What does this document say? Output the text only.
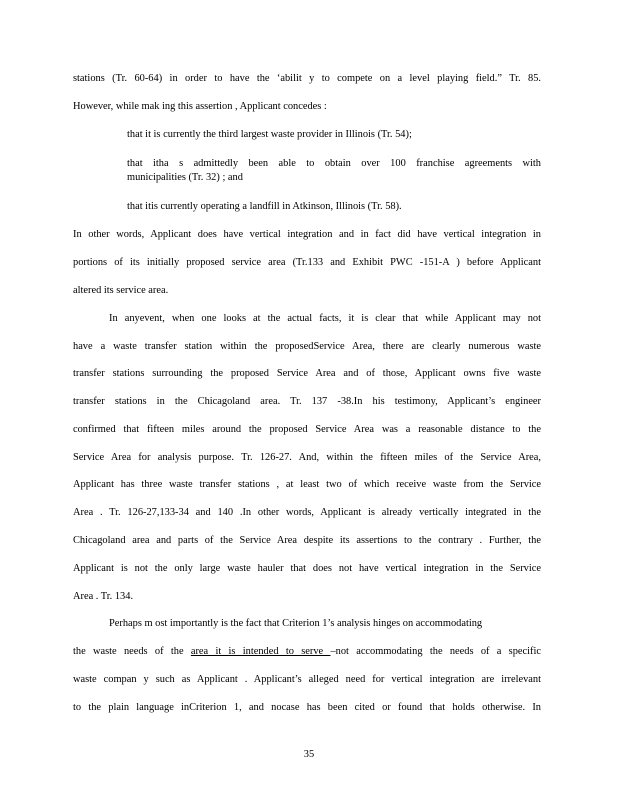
stations (Tr. 60-64) in order to have the ‘abilit y to compete on a level playing field.” Tr. 85.
However, while mak ing this assertion , Applicant concedes :
that it is currently the third largest waste provider in Illinois (Tr. 54);
that itha s admittedly been able to obtain over 100 franchise agreements with
municipalities (Tr. 32) ; and
that itis currently operating a landfill in Atkinson, Illinois (Tr. 58).
In other words, Applicant does have vertical integration and in fact did have vertical integration in
portions of its initially proposed service area (Tr.133 and Exhibit PWC -151-A ) before Applicant
altered its service area.
In anyevent, when one looks at the actual facts, it is clear that while Applicant may not
have a waste transfer station within the proposedService Area, there are clearly numerous waste
transfer stations surrounding the proposed Service Area and of those, Applicant owns five waste
transfer stations in the Chicagoland area. Tr. 137 -38.In his testimony, Applicant’s engineer
confirmed that fifteen miles around the proposed Service Area was a reasonable distance to the
Service Area for analysis purpose. Tr. 126-27. And, within the fifteen miles of the Service Area,
Applicant has three waste transfer stations , at least two of which receive waste from the Service
Area . Tr. 126-27,133-34 and 140 .In other words, Applicant is already vertically integrated in the
Chicagoland area and parts of the Service Area despite its assertions to the contrary . Further, the
Applicant is not the only large waste hauler that does not have vertical integration in the Service
Area . Tr. 134.
Perhaps m ost importantly is the fact that Criterion 1’s analysis hinges on accommodating
the waste needs of the area it is intended to serve –not accommodating the needs of a specific
waste compan y such as Applicant . Applicant’s alleged need for vertical integration are irrelevant
to the plain language inCriterion 1, and nocase has been cited or found that holds otherwise. In
35
